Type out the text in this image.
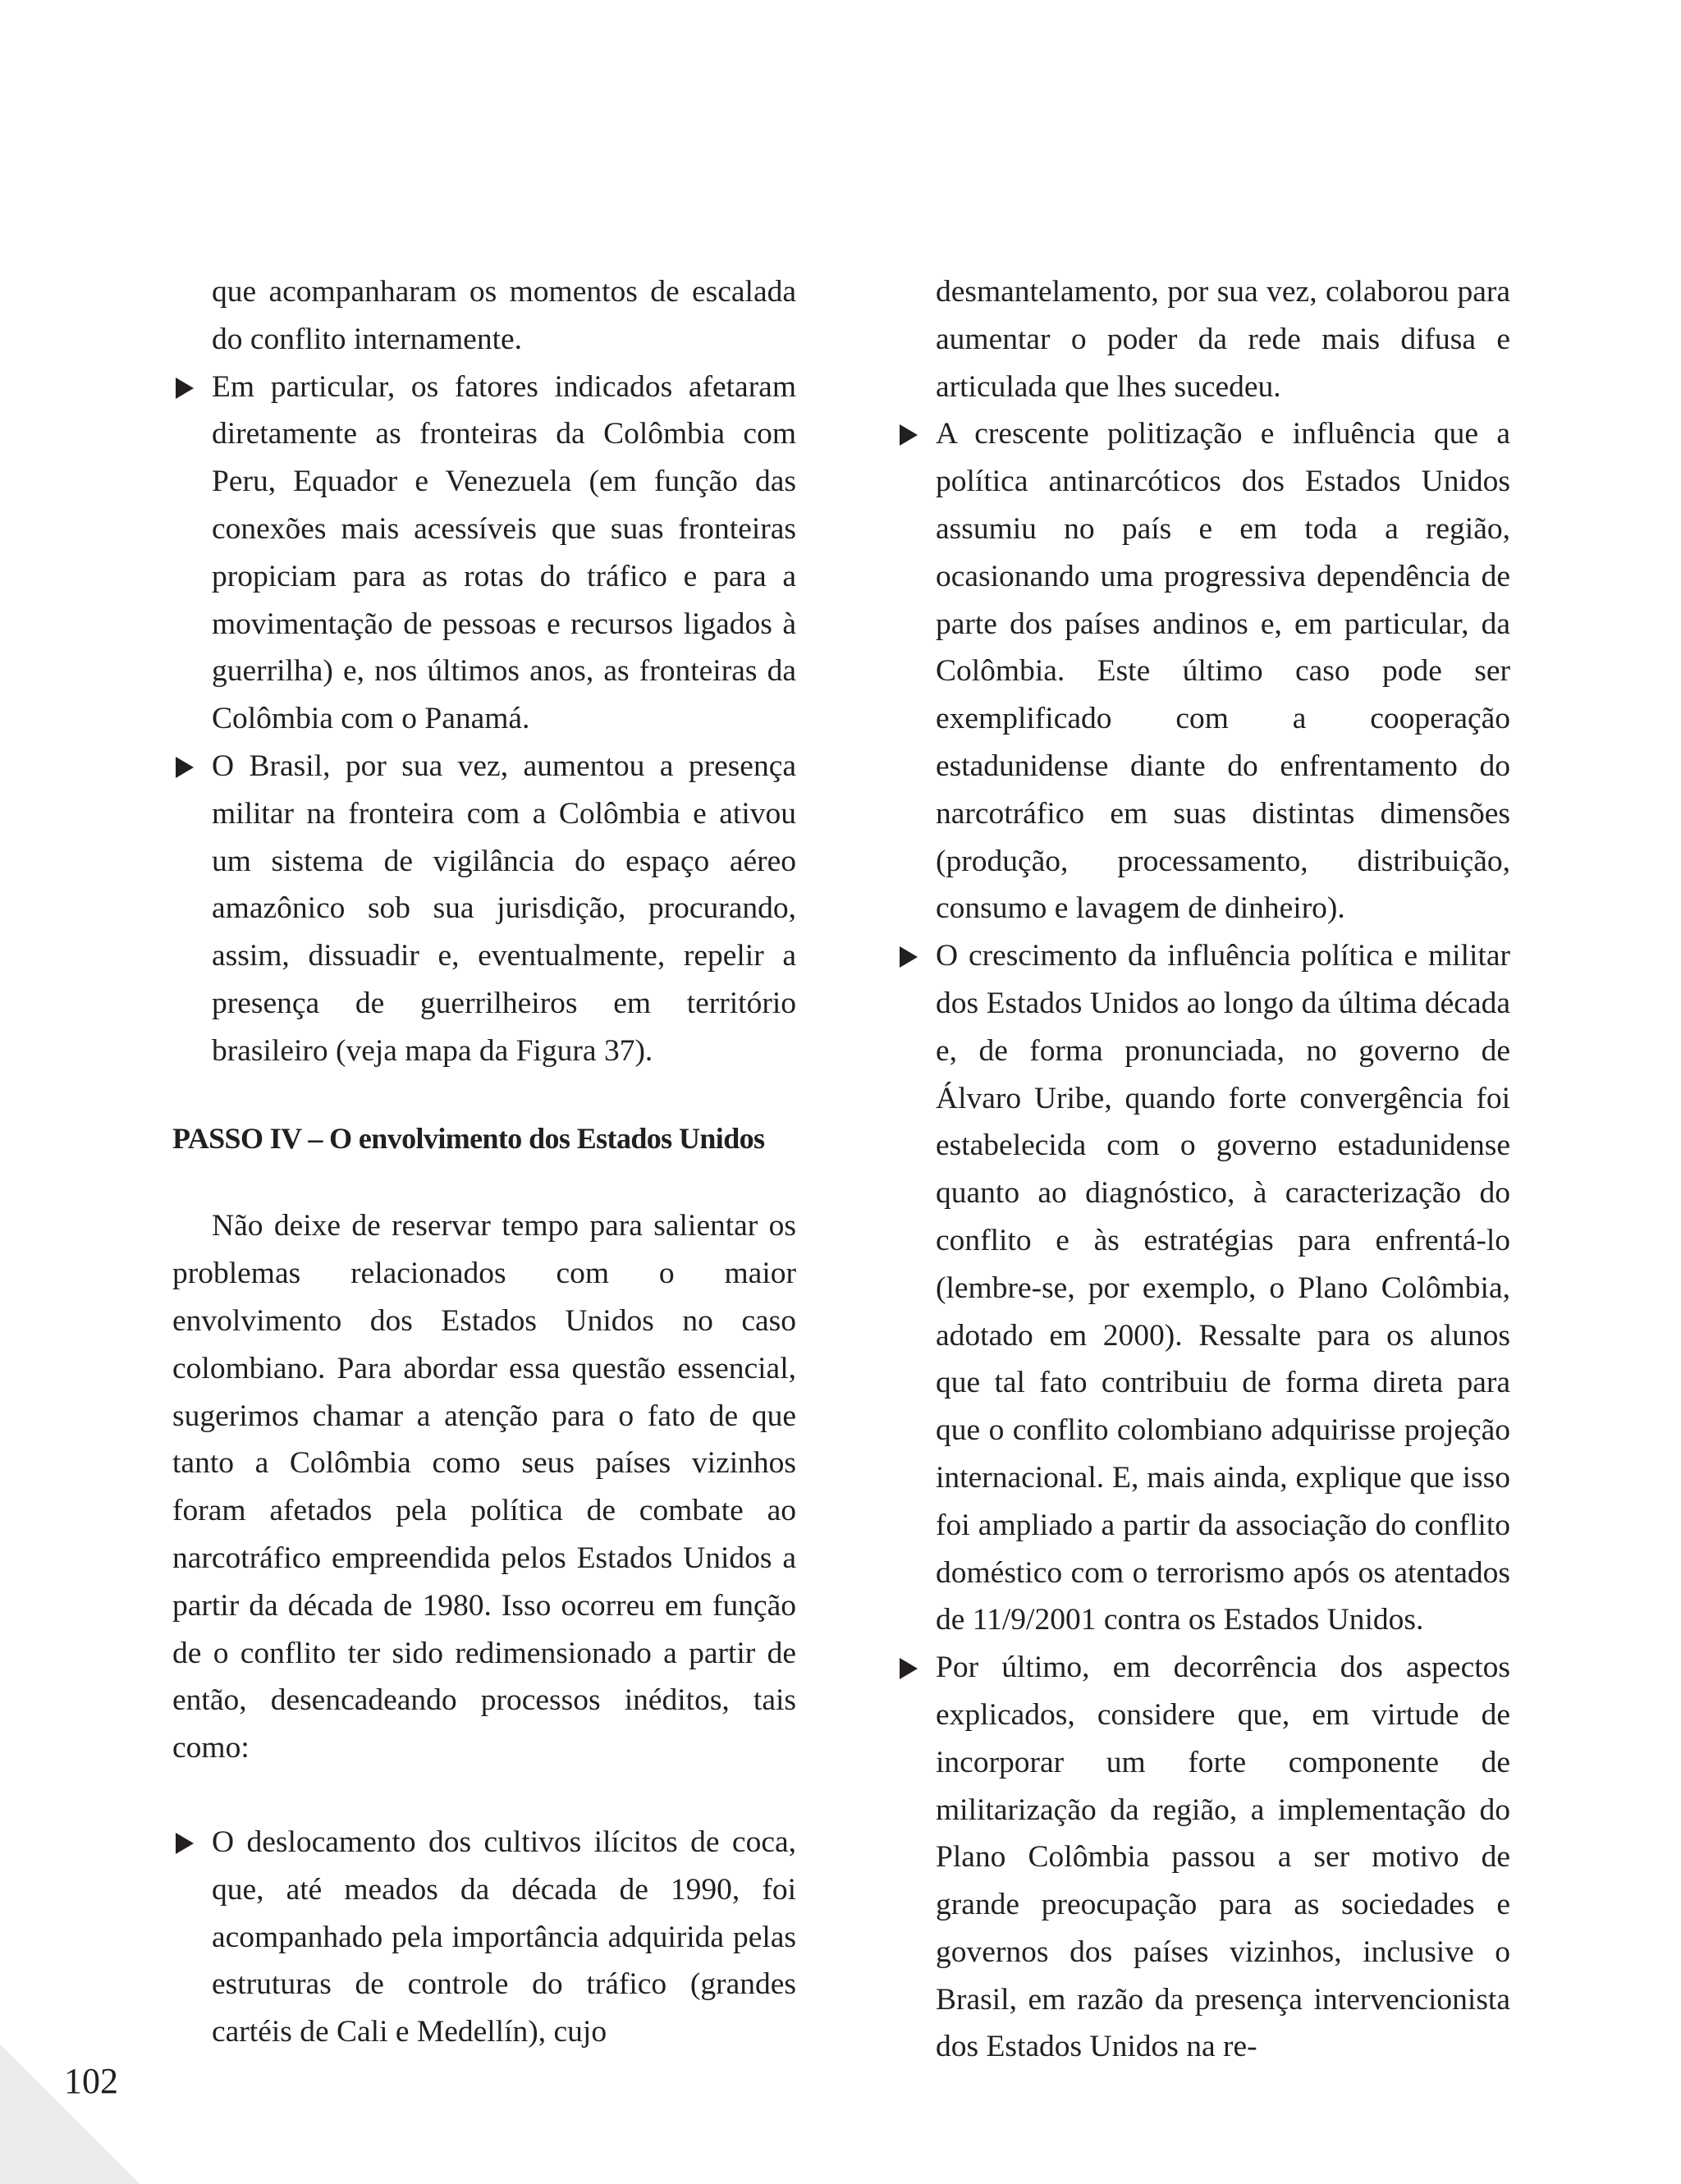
que acompanharam os momentos de escalada do conflito internamente.

Em particular, os fatores indicados afetaram diretamente as fronteiras da Colômbia com Peru, Equador e Venezuela (em função das conexões mais acessíveis que suas fronteiras propiciam para as rotas do tráfico e para a movimentação de pessoas e recursos ligados à guerrilha) e, nos últimos anos, as fronteiras da Colômbia com o Panamá.

O Brasil, por sua vez, aumentou a presença militar na fronteira com a Colômbia e ativou um sistema de vigilância do espaço aéreo amazônico sob sua jurisdição, procurando, assim, dissuadir e, eventualmente, repelir a presença de guerrilheiros em território brasileiro (veja mapa da Figura 37).

PASSO IV – O envolvimento dos Estados Unidos

Não deixe de reservar tempo para salientar os problemas relacionados com o maior envolvimento dos Estados Unidos no caso colombiano. Para abordar essa questão essencial, sugerimos chamar a atenção para o fato de que tanto a Colômbia como seus países vizinhos foram afetados pela política de combate ao narcotráfico empreendida pelos Estados Unidos a partir da década de 1980. Isso ocorreu em função de o conflito ter sido redimensionado a partir de então, desencadeando processos inéditos, tais como:

O deslocamento dos cultivos ilícitos de coca, que, até meados da década de 1990, foi acompanhado pela importância adquirida pelas estruturas de controle do tráfico (grandes cartéis de Cali e Medellín), cujo

desmantelamento, por sua vez, colaborou para aumentar o poder da rede mais difusa e articulada que lhes sucedeu.

A crescente politização e influência que a política antinarcóticos dos Estados Unidos assumiu no país e em toda a região, ocasionando uma progressiva dependência de parte dos países andinos e, em particular, da Colômbia. Este último caso pode ser exemplificado com a cooperação estadunidense diante do enfrentamento do narcotráfico em suas distintas dimensões (produção, processamento, distribuição, consumo e lavagem de dinheiro).

O crescimento da influência política e militar dos Estados Unidos ao longo da última década e, de forma pronunciada, no governo de Álvaro Uribe, quando forte convergência foi estabelecida com o governo estadunidense quanto ao diagnóstico, à caracterização do conflito e às estratégias para enfrentá-lo (lembre-se, por exemplo, o Plano Colômbia, adotado em 2000). Ressalte para os alunos que tal fato contribuiu de forma direta para que o conflito colombiano adquirisse projeção internacional. E, mais ainda, explique que isso foi ampliado a partir da associação do conflito doméstico com o terrorismo após os atentados de 11/9/2001 contra os Estados Unidos.

Por último, em decorrência dos aspectos explicados, considere que, em virtude de incorporar um forte componente de militarização da região, a implementação do Plano Colômbia passou a ser motivo de grande preocupação para as sociedades e governos dos países vizinhos, inclusive o Brasil, em razão da presença intervencionista dos Estados Unidos na re-

102
